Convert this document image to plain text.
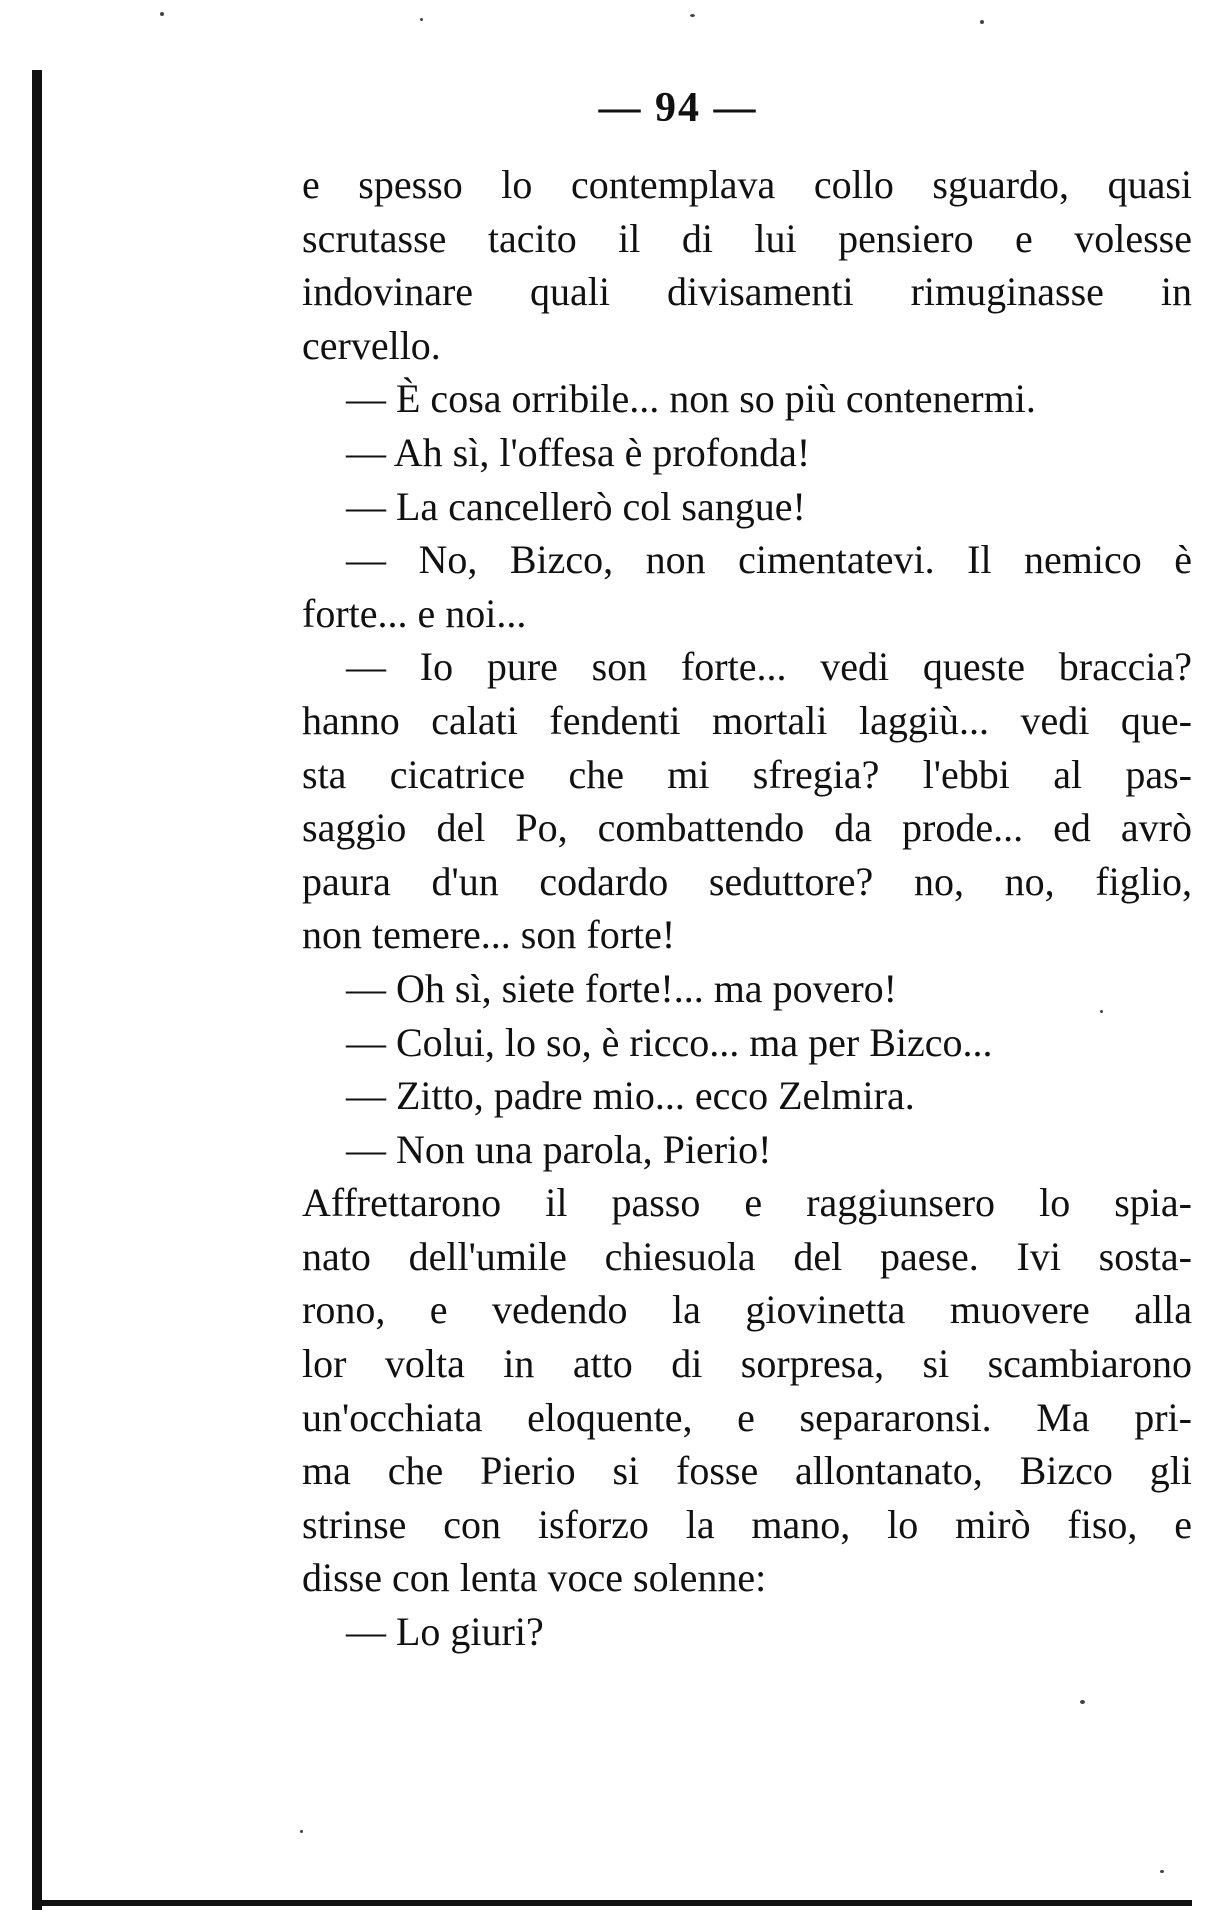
— 94 —
e spesso lo contemplava collo sguardo, quasi
scrutasse tacito il di lui pensiero e volesse
indovinare quali divisamenti rimuginasse in
cervello.
— È cosa orribile... non so più contenermi.
— Ah sì, l'offesa è profonda!
— La cancellerò col sangue!
— No, Bizco, non cimentatevi. Il nemico è
forte... e noi...
— Io pure son forte... vedi queste braccia?
hanno calati fendenti mortali laggiù... vedi que-
sta cicatrice che mi sfregia? l'ebbi al pas-
saggio del Po, combattendo da prode... ed avrò
paura d'un codardo seduttore? no, no, figlio,
non temere... son forte!
— Oh sì, siete forte!... ma povero!
— Colui, lo so, è ricco... ma per Bizco...
— Zitto, padre mio... ecco Zelmira.
— Non una parola, Pierio!
Affrettarono il passo e raggiunsero lo spia-
nato dell'umile chiesuola del paese. Ivi sosta-
rono, e vedendo la giovinetta muovere alla
lor volta in atto di sorpresa, si scambiarono
un'occhiata eloquente, e separaronsi. Ma pri-
ma che Pierio si fosse allontanato, Bizco gli
strinse con isforzo la mano, lo mirò fiso, e
disse con lenta voce solenne:
— Lo giuri?
